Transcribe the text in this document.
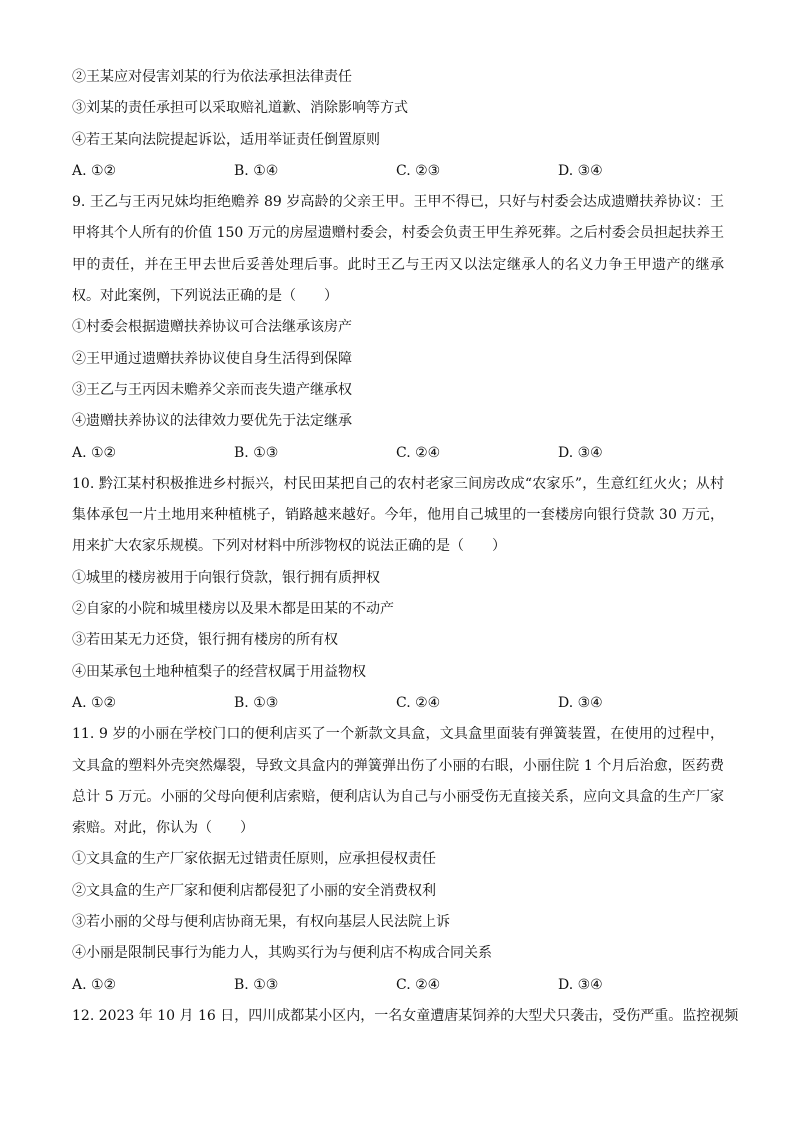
②王某应对侵害刘某的行为依法承担法律责任
③刘某的责任承担可以采取赔礼道歉、消除影响等方式
④若王某向法院提起诉讼，适用举证责任倒置原则
A. ①②	B. ①④	C. ②③	D. ③④
9. 王乙与王丙兄妹均拒绝赡养 89 岁高龄的父亲王甲。王甲不得已，只好与村委会达成遗赠扶养协议：王甲将其个人所有的价值 150 万元的房屋遗赠村委会，村委会负责王甲生养死葬。之后村委会员担起扶养王甲的责任，并在王甲去世后妥善处理后事。此时王乙与王丙又以法定继承人的名义力争王甲遗产的继承权。对此案例，下列说法正确的是（　　）
①村委会根据遗赠扶养协议可合法继承该房产
②王甲通过遗赠扶养协议使自身生活得到保障
③王乙与王丙因未赡养父亲而丧失遗产继承权
④遗赠扶养协议的法律效力要优先于法定继承
A. ①②	B. ①③	C. ②④	D. ③④
10. 黔江某村积极推进乡村振兴，村民田某把自己的农村老家三间房改成“农家乐”，生意红红火火；从村集体承包一片土地用来种植桃子，销路越来越好。今年，他用自己城里的一套楼房向银行贷款 30 万元，用来扩大农家乐规模。下列对材料中所涉物权的说法正确的是（　　）
①城里的楼房被用于向银行贷款，银行拥有质押权
②自家的小院和城里楼房以及果木都是田某的不动产
③若田某无力还贷，银行拥有楼房的所有权
④田某承包土地种植梨子的经营权属于用益物权
A. ①②	B. ①③	C. ②④	D. ③④
11. 9 岁的小丽在学校门口的便利店买了一个新款文具盒，文具盒里面装有弹簧装置，在使用的过程中，文具盒的塑料外壳突然爆裂，导致文具盒内的弹簧弹出伤了小丽的右眼，小丽住院 1 个月后治愈，医药费总计 5 万元。小丽的父母向便利店索赔，便利店认为自己与小丽受伤无直接关系，应向文具盒的生产厂家索赔。对此，你认为（　　）
①文具盒的生产厂家依据无过错责任原则，应承担侵权责任
②文具盒的生产厂家和便利店都侵犯了小丽的安全消费权利
③若小丽的父母与便利店协商无果，有权向基层人民法院上诉
④小丽是限制民事行为能力人，其购买行为与便利店不构成合同关系
A. ①②	B. ①③	C. ②④	D. ③④
12. 2023 年 10 月 16 日，四川成都某小区内，一名女童遭唐某饲养的大型犬只袭击，受伤严重。监控视频
